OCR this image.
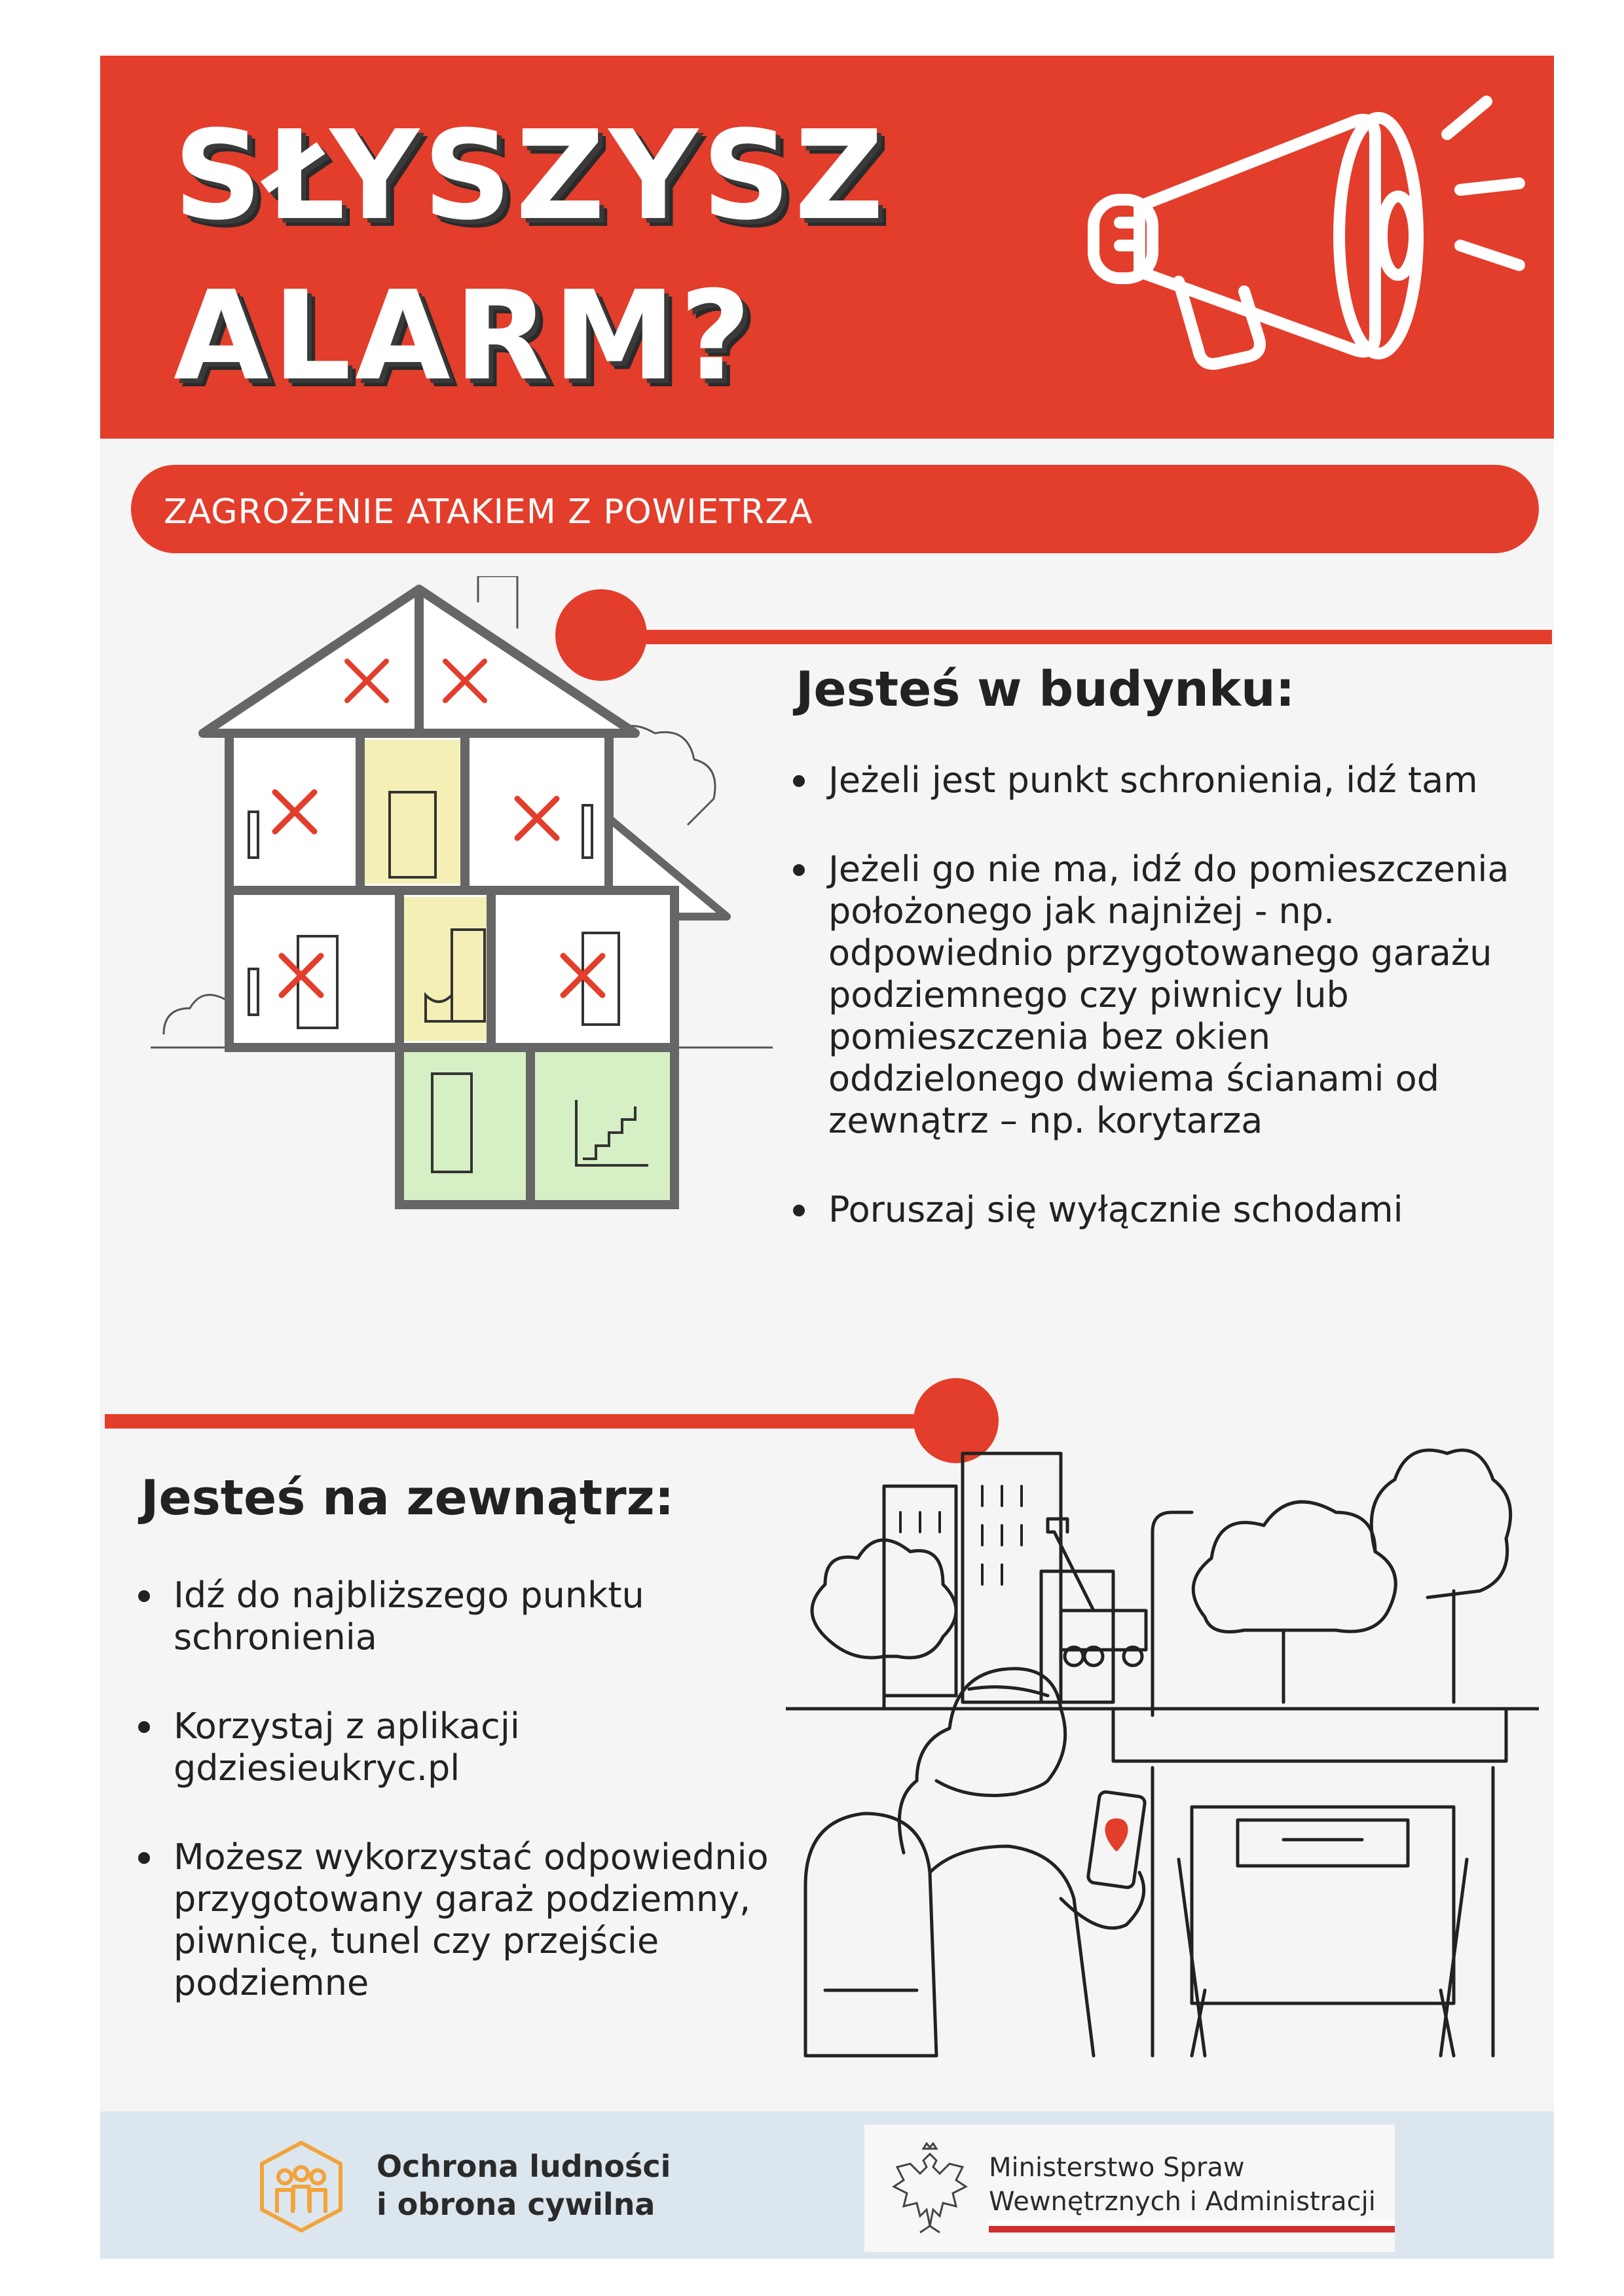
SŁYSZYSZ
ALARM?
ZAGROŻENIE ATAKIEM Z POWIETRZA
Jesteś w budynku:
Jeżeli jest punkt schronienia, idź tam
Jeżeli go nie ma, idź do pomieszczenia położonego jak najniżej - np. odpowiednio przygotowanego garażu podziemnego czy piwnicy lub pomieszczenia bez okien oddzielonego dwiema ścianami od zewnątrz – np. korytarza
Poruszaj się wyłącznie schodami
Jesteś na zewnątrz:
Idź do najbliższego punktu schronienia
Korzystaj z aplikacji gdziesieukryc.pl
Możesz wykorzystać odpowiednio przygotowany garaż podziemny, piwnicę, tunel czy przejście podziemne
Ochrona ludności
i obrona cywilna
Ministerstwo Spraw
Wewnętrznych i Administracji
